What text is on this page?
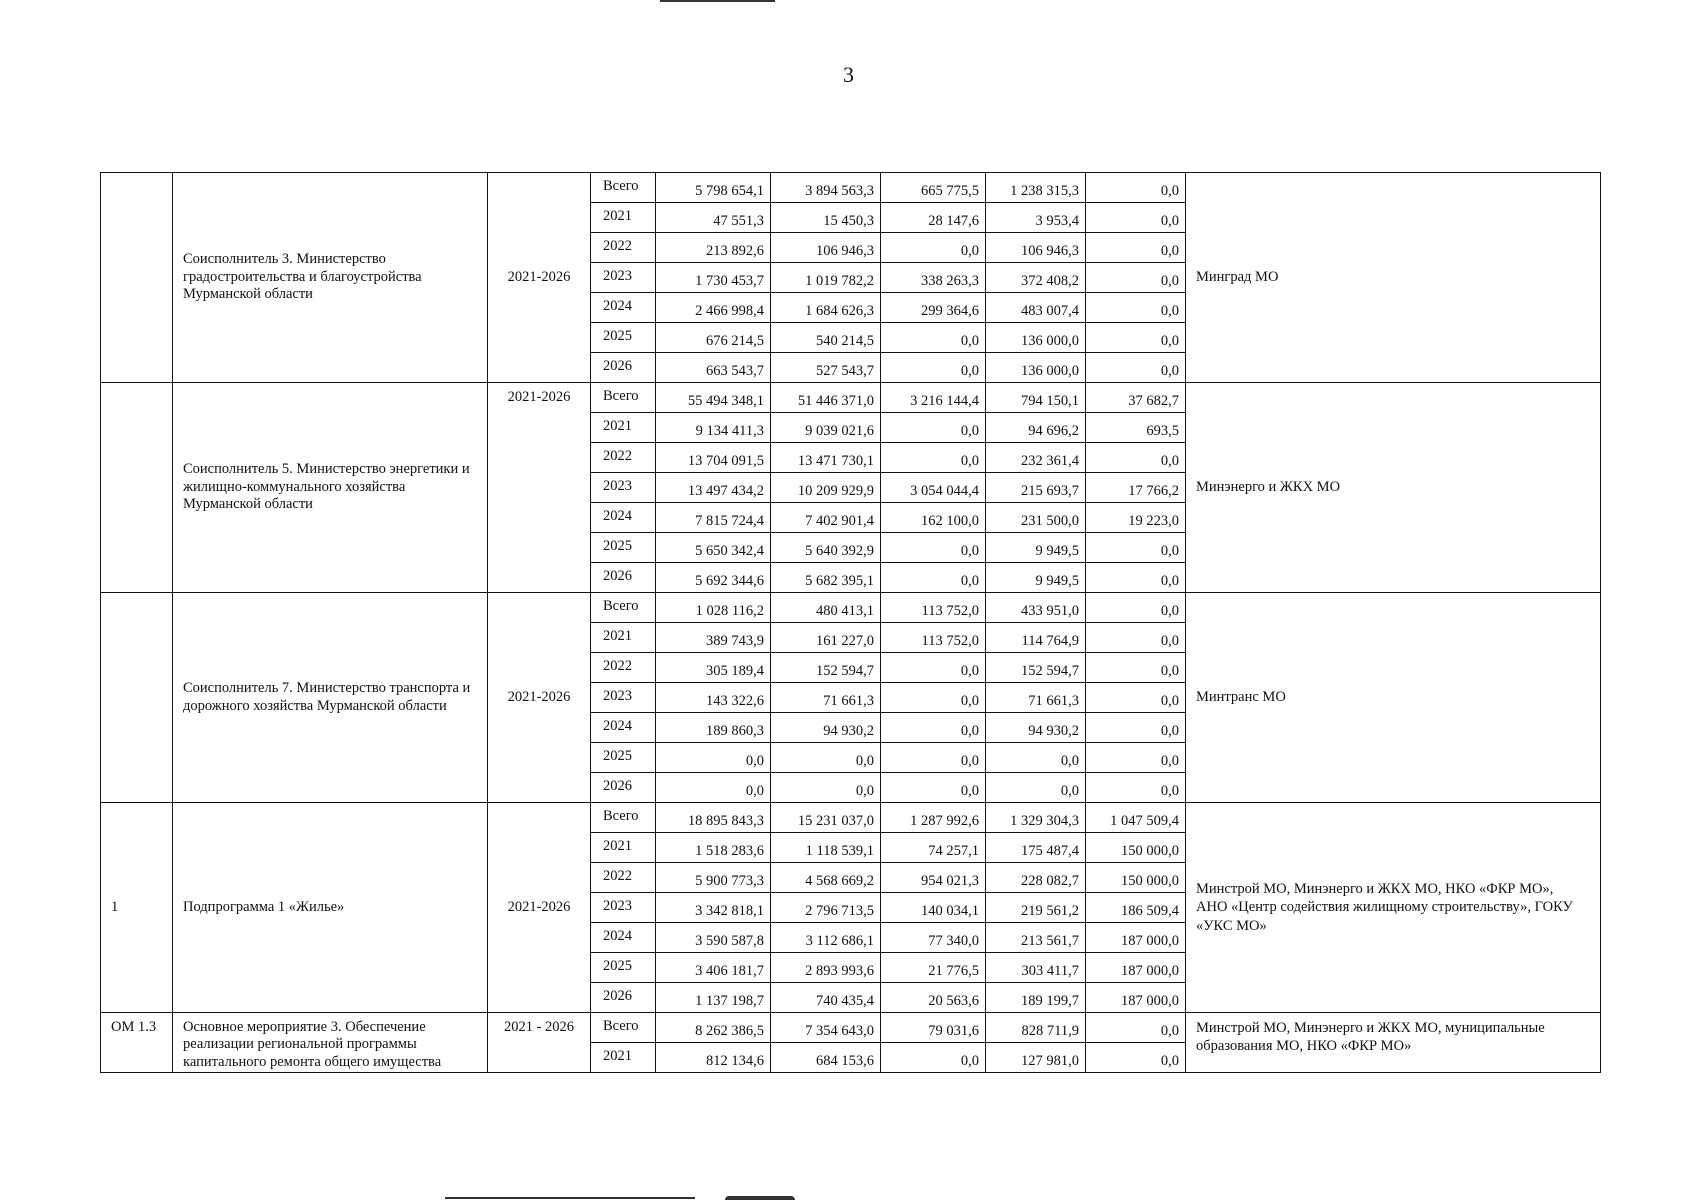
3
	Соисполнитель 3. Министерство градостроительства и благоустройства Мурманской области	2021-2026	Всего	5 798 654,1	3 894 563,3	665 775,5	1 238 315,3	0,0	Минград МО
			2021	47 551,3	15 450,3	28 147,6	3 953,4	0,0	
			2022	213 892,6	106 946,3	0,0	106 946,3	0,0	
			2023	1 730 453,7	1 019 782,2	338 263,3	372 408,2	0,0	
			2024	2 466 998,4	1 684 626,3	299 364,6	483 007,4	0,0	
			2025	676 214,5	540 214,5	0,0	136 000,0	0,0	
			2026	663 543,7	527 543,7	0,0	136 000,0	0,0	
	Соисполнитель 5. Министерство энергетики и жилищно-коммунального хозяйства Мурманской области	2021-2026	Всего	55 494 348,1	51 446 371,0	3 216 144,4	794 150,1	37 682,7	Минэнерго и ЖКХ МО
			2021	9 134 411,3	9 039 021,6	0,0	94 696,2	693,5	
			2022	13 704 091,5	13 471 730,1	0,0	232 361,4	0,0	
			2023	13 497 434,2	10 209 929,9	3 054 044,4	215 693,7	17 766,2	
			2024	7 815 724,4	7 402 901,4	162 100,0	231 500,0	19 223,0	
			2025	5 650 342,4	5 640 392,9	0,0	9 949,5	0,0	
			2026	5 692 344,6	5 682 395,1	0,0	9 949,5	0,0	
	Соисполнитель 7. Министерство транспорта и дорожного хозяйства Мурманской области	2021-2026	Всего	1 028 116,2	480 413,1	113 752,0	433 951,0	0,0	Минтранс МО
			2021	389 743,9	161 227,0	113 752,0	114 764,9	0,0	
			2022	305 189,4	152 594,7	0,0	152 594,7	0,0	
			2023	143 322,6	71 661,3	0,0	71 661,3	0,0	
			2024	189 860,3	94 930,2	0,0	94 930,2	0,0	
			2025	0,0	0,0	0,0	0,0	0,0	
			2026	0,0	0,0	0,0	0,0	0,0	
1	Подпрограмма 1 «Жилье»	2021-2026	Всего	18 895 843,3	15 231 037,0	1 287 992,6	1 329 304,3	1 047 509,4	Минстрой МО, Минэнерго и ЖКХ МО, НКО «ФКР МО», АНО «Центр содействия жилищному строительству», ГОКУ «УКС МО»
			2021	1 518 283,6	1 118 539,1	74 257,1	175 487,4	150 000,0	
			2022	5 900 773,3	4 568 669,2	954 021,3	228 082,7	150 000,0	
			2023	3 342 818,1	2 796 713,5	140 034,1	219 561,2	186 509,4	
			2024	3 590 587,8	3 112 686,1	77 340,0	213 561,7	187 000,0	
			2025	3 406 181,7	2 893 993,6	21 776,5	303 411,7	187 000,0	
			2026	1 137 198,7	740 435,4	20 563,6	189 199,7	187 000,0	
ОМ 1.3	Основное мероприятие 3. Обеспечение реализации региональной программы капитального ремонта общего имущества	2021 - 2026	Всего	8 262 386,5	7 354 643,0	79 031,6	828 711,9	0,0	Минстрой МО, Минэнерго и ЖКХ МО, муниципальные образования МО, НКО «ФКР МО»
			2021	812 134,6	684 153,6	0,0	127 981,0	0,0	
